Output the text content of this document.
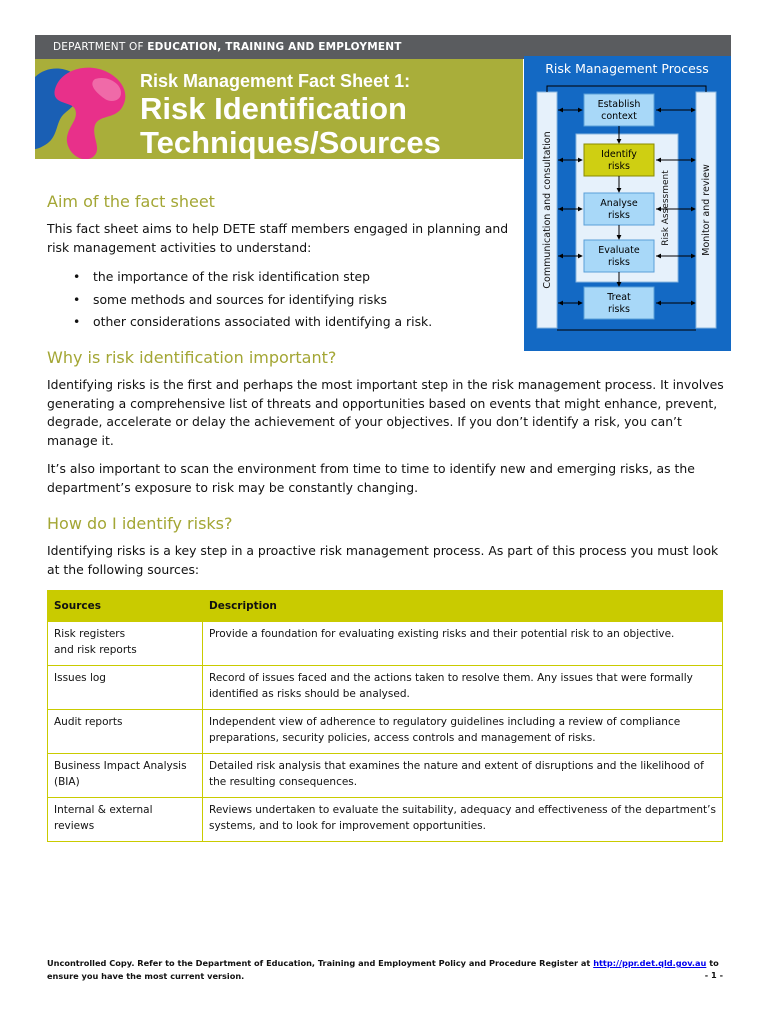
DEPARTMENT OF EDUCATION, TRAINING AND EMPLOYMENT
Risk Management Fact Sheet 1:
Risk Identification
Techniques/Sources
Risk Management Process
Communication and consultation	Monitor and review
Establish
context
Risk Assessment
Identify
risks
Analyse
risks
Evaluate
risks
Treat
risks
Aim of the fact sheet
This fact sheet aims to help DETE staff members engaged in planning and
risk management activities to understand:
• the importance of the risk identification step
• some methods and sources for identifying risks
• other considerations associated with identifying a risk.
Why is risk identification important?
Identifying risks is the first and perhaps the most important step in the risk management process. It involves generating a comprehensive list of threats and opportunities based on events that might enhance, prevent, degrade, accelerate or delay the achievement of your objectives. If you don’t identify a risk, you can’t manage it.
It’s also important to scan the environment from time to time to identify new and emerging risks, as the department’s exposure to risk may be constantly changing.
How do I identify risks?
Identifying risks is a key step in a proactive risk management process. As part of this process you must look at the following sources:
Sources	Description

Risk registers
and risk reports	Provide a foundation for evaluating existing risks and their potential risk to an objective.

Issues log	Record of issues faced and the actions taken to resolve them. Any issues that were formally identified as risks should be analysed.

Audit reports	Independent view of adherence to regulatory guidelines including a review of compliance preparations, security policies, access controls and management of risks.

Business Impact Analysis
(BIA)	Detailed risk analysis that examines the nature and extent of disruptions and the likelihood of the resulting consequences.

Internal & external
reviews	Reviews undertaken to evaluate the suitability, adequacy and effectiveness of the department’s systems, and to look for improvement opportunities.
Uncontrolled Copy. Refer to the Department of Education, Training and Employment Policy and Procedure Register at http://ppr.det.qld.gov.au to ensure you have the most current version.	- 1 -
